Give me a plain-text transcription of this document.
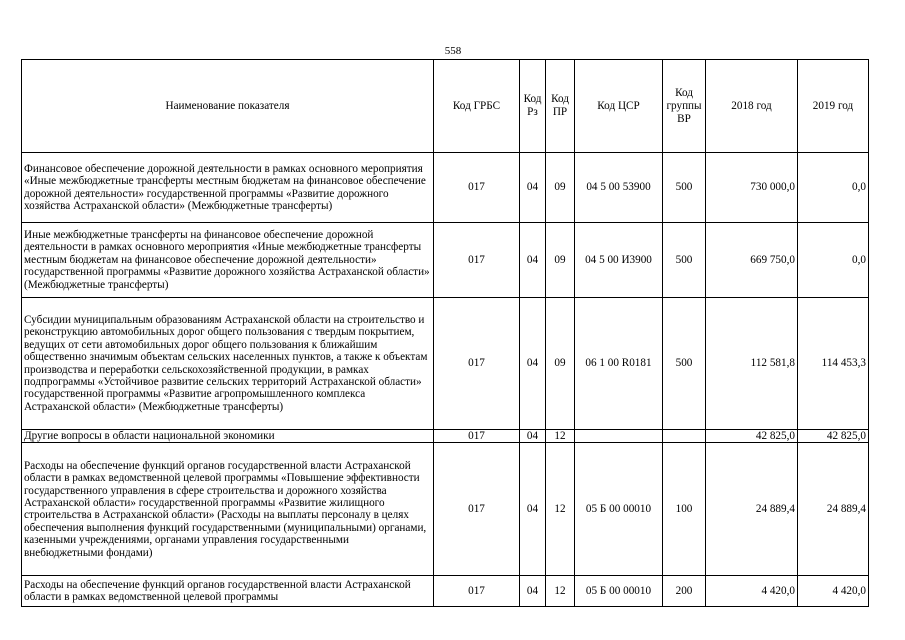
558
Наименование показателя	Код ГРБС	Код Рз	Код ПР	Код ЦСР	Код группы ВР	2018 год	2019 год
Финансовое обеспечение дорожной деятельности в рамках основного мероприятия «Иные межбюджетные трансферты местным бюджетам на финансовое обеспечение дорожной деятельности» государственной программы «Развитие дорожного хозяйства Астраханской области» (Межбюджетные трансферты)	017	04	09	04 5 00 53900	500	730 000,0	0,0
Иные межбюджетные трансферты на финансовое обеспечение дорожной деятельности в рамках основного мероприятия «Иные межбюджетные трансферты местным бюджетам на финансовое обеспечение дорожной деятельности» государственной программы «Развитие дорожного хозяйства Астраханской области» (Межбюджетные трансферты)	017	04	09	04 5 00 И3900	500	669 750,0	0,0
Субсидии муниципальным образованиям Астраханской области на строительство и реконструкцию автомобильных дорог общего пользования с твердым покрытием, ведущих от сети автомобильных дорог общего пользования к ближайшим общественно значимым объектам сельских населенных пунктов, а также к объектам производства и переработки сельскохозяйственной продукции, в рамках подпрограммы «Устойчивое развитие сельских территорий Астраханской области» государственной программы «Развитие агропромышленного комплекса Астраханской области» (Межбюджетные трансферты)	017	04	09	06 1 00 R0181	500	112 581,8	114 453,3
Другие вопросы в области национальной экономики	017	04	12			42 825,0	42 825,0
Расходы на обеспечение функций органов государственной власти Астраханской области в рамках ведомственной целевой программы «Повышение эффективности государственного управления в сфере строительства и дорожного хозяйства Астраханской области» государственной программы «Развитие жилищного строительства в Астраханской области» (Расходы на выплаты персоналу в целях обеспечения выполнения функций государственными (муниципальными) органами, казенными учреждениями, органами управления государственными внебюджетными фондами)	017	04	12	05 Б 00 00010	100	24 889,4	24 889,4
Расходы на обеспечение функций органов государственной власти Астраханской области в рамках ведомственной целевой программы	017	04	12	05 Б 00 00010	200	4 420,0	4 420,0
